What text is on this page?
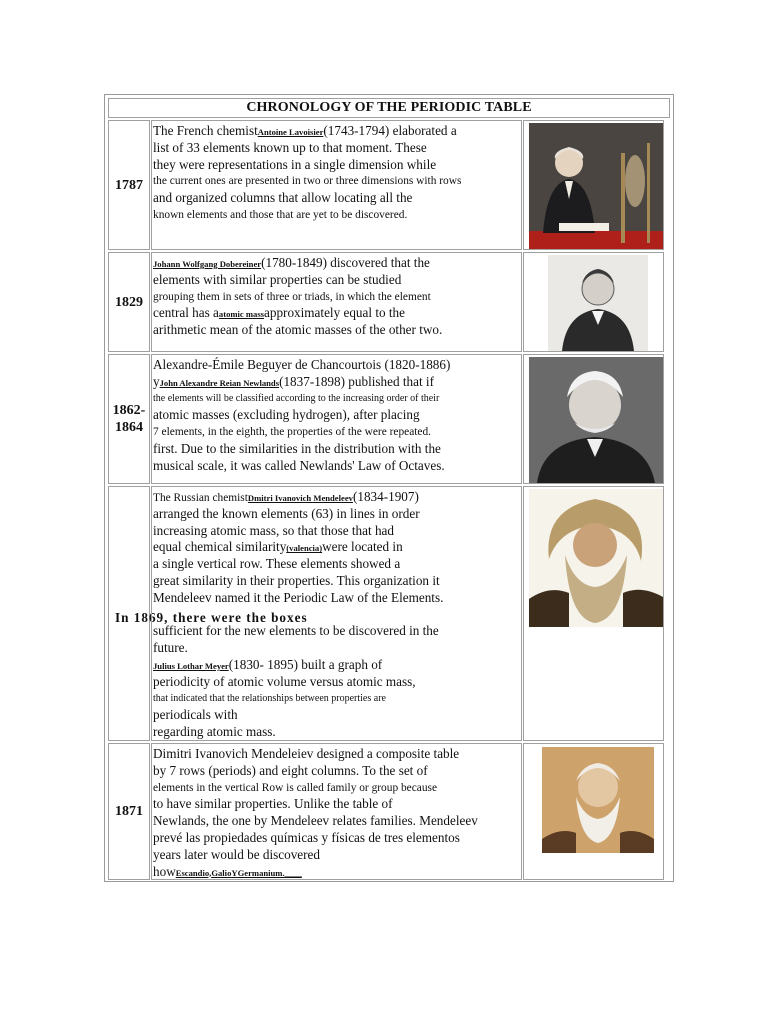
CHRONOLOGY OF THE PERIODIC TABLE
1787
The French chemistAntoine Lavoisier(1743-1794) elaborated a
list of 33 elements known up to that moment. These
they were representations in a single dimension while
the current ones are presented in two or three dimensions with rows
and organized columns that allow locating all the
known elements and those that are yet to be discovered.
1829
Johann Wolfgang Dobereiner(1780-1849) discovered that the
elements with similar properties can be studied
grouping them in sets of three or triads, in which the element
central has aatomic massapproximately equal to the
arithmetic mean of the atomic masses of the other two.
1862-
1864
Alexandre-Émile Beguyer de Chancourtois (1820-1886)
yJohn Alexandre Reian Newlands(1837-1898) published that if
the elements will be classified according to the increasing order of their
atomic masses (excluding hydrogen), after placing
7 elements, in the eighth, the properties of the were repeated.
first. Due to the similarities in the distribution with the
musical scale, it was called Newlands' Law of Octaves.
In 1869, there were the boxes
The Russian chemistDmitri Ivanovich Mendeleev(1834-1907)
arranged the known elements (63) in lines in order
increasing atomic mass, so that those that had
equal chemical similarity(valencia)were located in
a single vertical row. These elements showed a
great similarity in their properties. This organization it
Mendeleev named it the Periodic Law of the Elements.

sufficient for the new elements to be discovered in the
future.
Julius Lothar Meyer(1830- 1895) built a graph of
periodicity of atomic volume versus atomic mass,
that indicated that the relationships between properties are
periodicals with
regarding atomic mass.
1871
Dimitri Ivanovich Mendeleiev designed a composite table
by 7 rows (periods) and eight columns. To the set of
elements in the vertical Row is called family or group because
to have similar properties. Unlike the table of
Newlands, the one by Mendeleev relates families. Mendeleev
prevé las propiedades químicas y físicas de tres elementos
years later would be discovered
howEscandio,GalioYGermanium.____
